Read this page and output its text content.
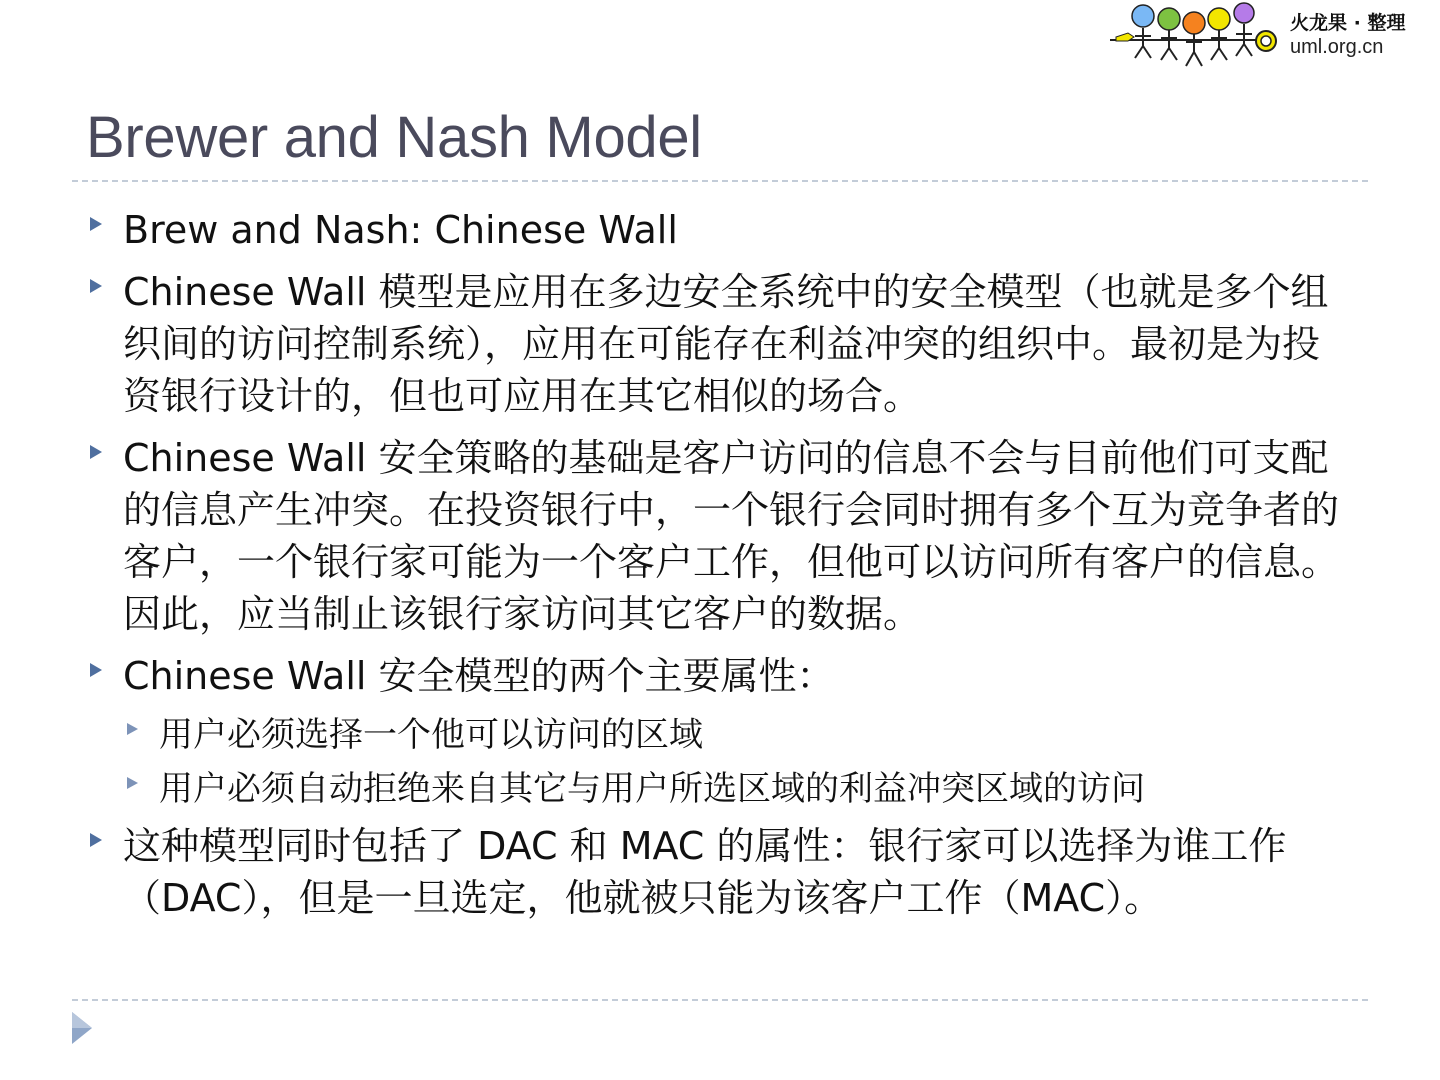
火龙果 · 整理
uml.org.cn
Brewer and Nash Model
Brew and Nash: Chinese Wall
Chinese Wall 模型是应用在多边安全系统中的安全模型（也就是多个组织间的访问控制系统），应用在可能存在利益冲突的组织中。最初是为投资银行设计的，但也可应用在其它相似的场合。
Chinese Wall 安全策略的基础是客户访问的信息不会与目前他们可支配的信息产生冲突。在投资银行中，一个银行会同时拥有多个互为竞争者的客户，一个银行家可能为一个客户工作，但他可以访问所有客户的信息。因此，应当制止该银行家访问其它客户的数据。
Chinese Wall 安全模型的两个主要属性：
用户必须选择一个他可以访问的区域
用户必须自动拒绝来自其它与用户所选区域的利益冲突区域的访问
这种模型同时包括了 DAC 和 MAC 的属性：银行家可以选择为谁工作（DAC），但是一旦选定，他就被只能为该客户工作（MAC）。
